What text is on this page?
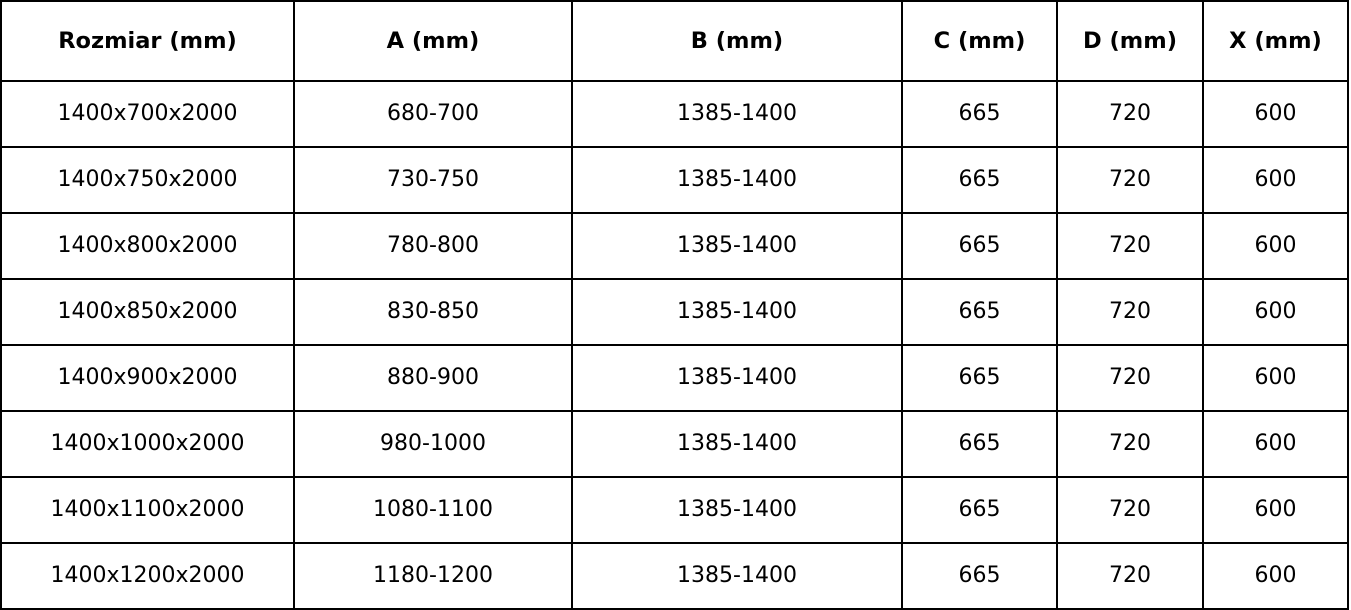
Rozmiar (mm)	A (mm)	B (mm)	C (mm)	D (mm)	X (mm)
1400x700x2000	680-700	1385-1400	665	720	600
1400x750x2000	730-750	1385-1400	665	720	600
1400x800x2000	780-800	1385-1400	665	720	600
1400x850x2000	830-850	1385-1400	665	720	600
1400x900x2000	880-900	1385-1400	665	720	600
1400x1000x2000	980-1000	1385-1400	665	720	600
1400x1100x2000	1080-1100	1385-1400	665	720	600
1400x1200x2000	1180-1200	1385-1400	665	720	600
